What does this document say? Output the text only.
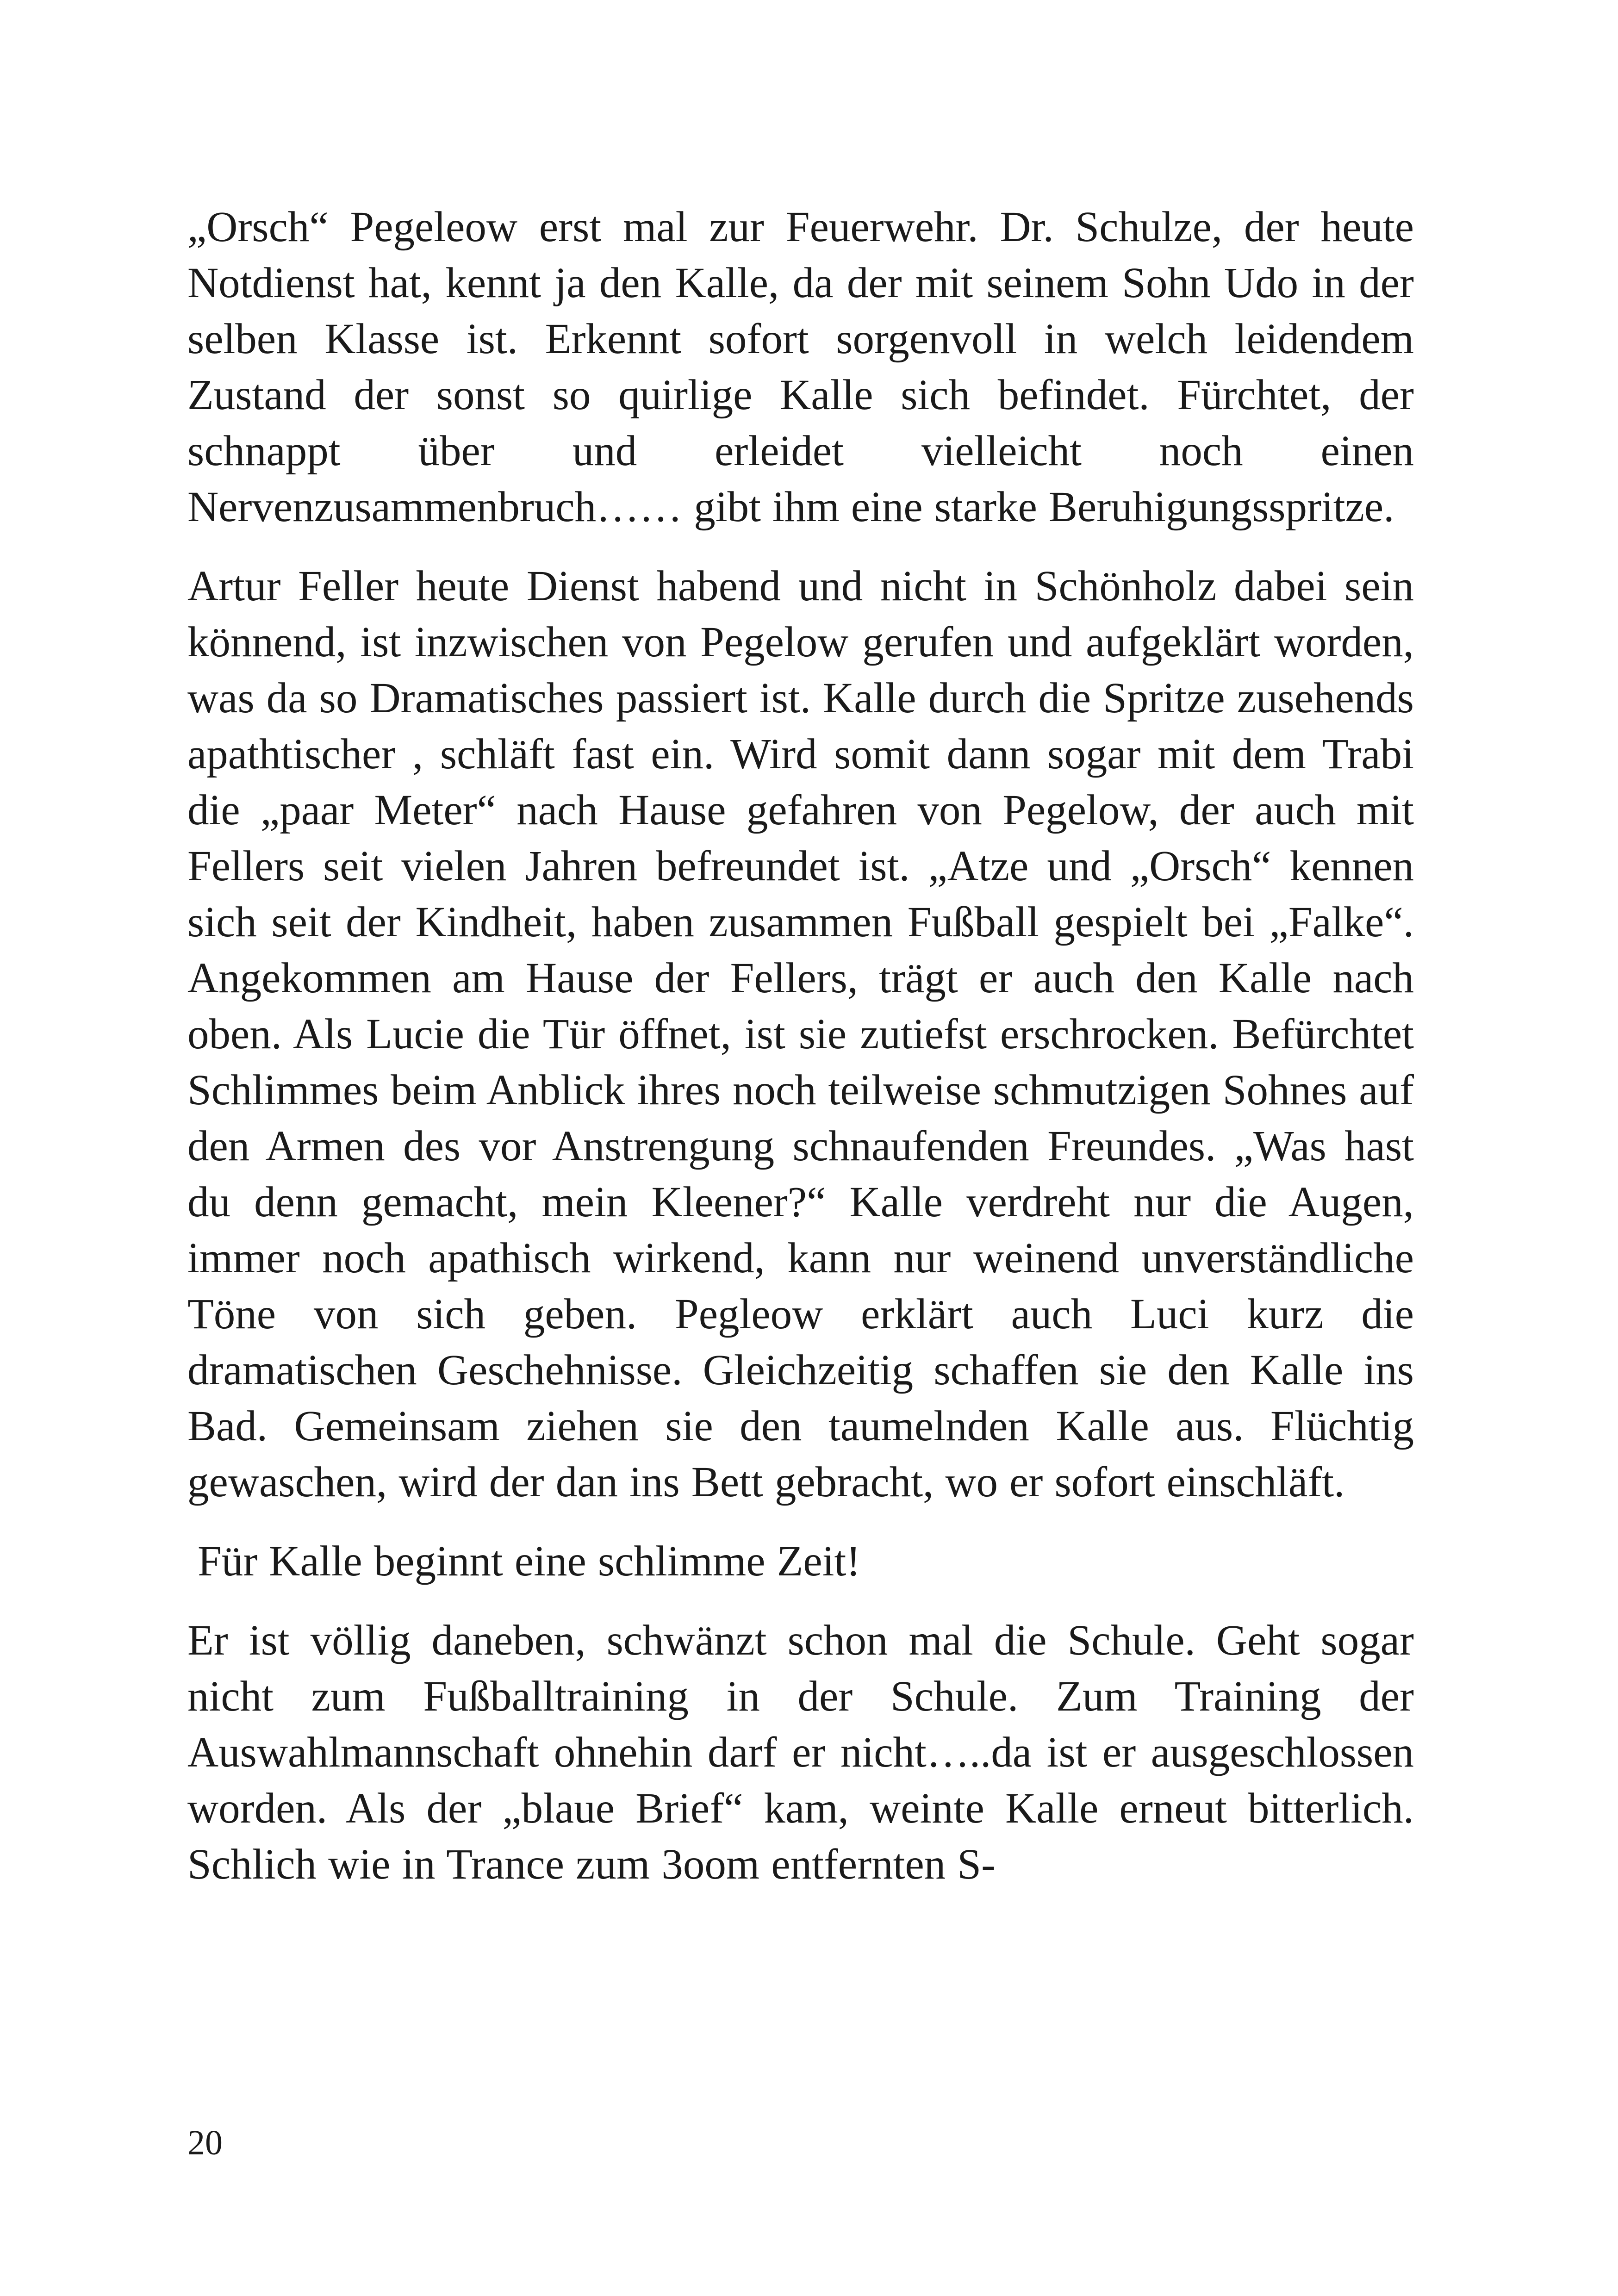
„Orsch“ Pegeleow erst mal zur Feuerwehr. Dr. Schulze, der heute Notdienst hat, kennt ja den Kalle, da der mit seinem Sohn Udo in der selben Klasse ist. Erkennt sofort sorgenvoll in welch leidendem Zustand der sonst so quirlige Kalle sich befindet. Fürchtet, der schnappt über und erleidet vielleicht noch einen Nervenzusammenbruch…… gibt ihm eine starke Beruhigungsspritze.

Artur Feller heute Dienst habend und nicht in Schönholz dabei sein könnend, ist inzwischen von Pegelow gerufen und aufgeklärt worden, was da so Dramatisches passiert ist. Kalle durch die Spritze zusehends apathtischer , schläft fast ein. Wird somit dann sogar mit dem Trabi die „paar Meter“ nach Hause gefahren von Pegelow, der auch mit Fellers seit vielen Jahren befreundet ist. „Atze und „Orsch“ kennen sich seit der Kindheit, haben zusammen Fußball gespielt bei „Falke“. Angekommen am Hause der Fellers, trägt er auch den Kalle nach oben. Als Lucie die Tür öffnet, ist sie zutiefst erschrocken. Befürchtet Schlimmes beim Anblick ihres noch teilweise schmutzigen Sohnes auf den Armen des vor Anstrengung schnaufenden Freundes. „Was hast du denn gemacht, mein Kleener?“ Kalle verdreht nur die Augen, immer noch apathisch wirkend, kann nur weinend unverständliche Töne von sich geben. Pegleow erklärt auch Luci kurz die dramatischen Geschehnisse. Gleichzeitig schaffen sie den Kalle ins Bad. Gemeinsam ziehen sie den taumelnden Kalle aus. Flüchtig gewaschen, wird der dan ins Bett gebracht, wo er sofort einschläft.

Für Kalle beginnt eine schlimme Zeit!

Er ist völlig daneben, schwänzt schon mal die Schule. Geht sogar nicht zum Fußballtraining in der Schule. Zum Training der Auswahlmannschaft ohnehin darf er nicht…..da ist er ausgeschlossen worden. Als der „blaue Brief“ kam, weinte Kalle erneut bitterlich. Schlich wie in Trance zum 3oom entfernten S-

20
